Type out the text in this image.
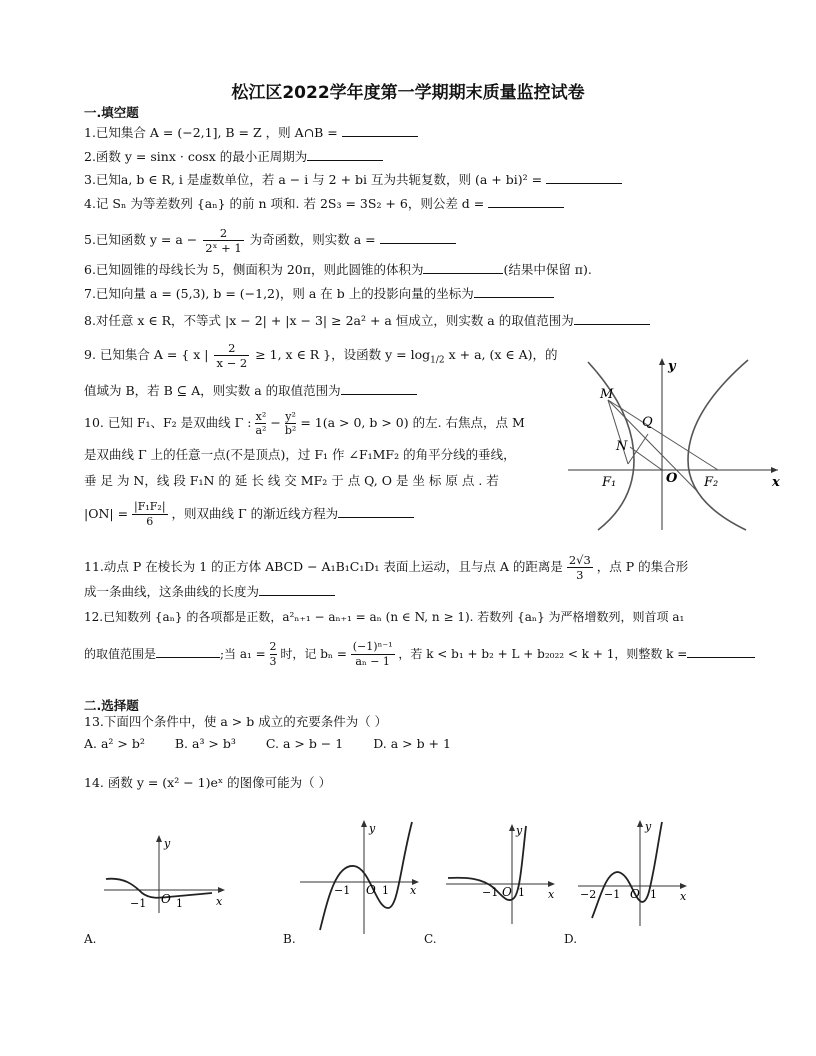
松江区2022学年度第一学期期末质量监控试卷
一.填空题
1.已知集合 A = (−2,1], B = Z ，则 A∩B =
2.函数 y = sinx · cosx 的最小正周期为
3.已知a, b ∈ R, i 是虚数单位，若 a − i 与 2 + bi 互为共轭复数，则 (a + bi)² =
4.记 Sₙ 为等差数列 {aₙ} 的前 n 项和. 若 2S₃ = 3S₂ + 6，则公差 d =
5.已知函数 $y = a - \frac{2}{\text{2ˣ + 1}}$ 为奇函数，则实数 a =
6.已知圆锥的母线长为 5，侧面积为 20π，则此圆锥的体积为	(结果中保留 π).
7.已知向量 a = (5,3), b = (−1,2)，则 a 在 b 上的投影向量的坐标为
8.对任意 x ∈ R，不等式 |x − 2| + |x − 3| ≥ 2a² + a 恒成立，则实数 a 的取值范围为
9. 已知集合 A = { x | $\frac{2}{x - 2} \ge 1$, x ∈ R }，设函数 $y = \log_{1/2} x + a$, (x ∈ A)，的
值域为 B，若 B ⊆ A，则实数 a 的取值范围为
10. 已知 F₁、F₂ 是双曲线 Γ : $\frac{\text{x²}}{\text{a²}} - \frac{\text{y²}}{\text{b²}} = 1(a > 0$, b > 0) 的左. 右焦点，点 M
是双曲线 Γ 上的任意一点(不是顶点)，过 F₁ 作 ∠F₁MF₂ 的角平分线的垂线，
垂 足 为 N，线 段 F₁N 的 延 长 线 交 MF₂ 于 点 Q, O 是 坐 标 原 点 . 若
$|ON| = \frac{\text{|F₁F₂|}}{6}$ ，则双曲线 Γ 的渐近线方程为
M
Q
N
F₁	O F₂	x
y
11.动点 P 在棱长为 1 的正方体 ABCD − A₁B₁C₁D₁ 表面上运动，且与点 A 的距离是 $\frac{2√3}{3}$ ，点 P 的集合形
成一条曲线，这条曲线的长度为
12.已知数列 {aₙ} 的各项都是正数，a²ₙ₊₁ − aₙ₊₁ = aₙ (n ∈ N, n ≥ 1). 若数列 {aₙ} 为严格增数列，则首项 a₁
的取值范围是	;当 $a_1 = \frac{2}{3}$ 时，记 $b_n = \frac{\text{(−1)ⁿ⁻¹}}{\text{aₙ − 1}}$ ，若 k < b₁ + b₂ + L + b₂₀₂₂ < k + 1，则整数 k =
二.选择题
13.下面四个条件中，使 a > b 成立的充要条件为（ ）
A. a² > b² B. a³ > b³ C. a > b − 1 D. a > b + 1
14. 函数 y = (x² − 1)eˣ 的图像可能为（ ）
y
x
−1 O 1
A.
y
x
−1 O 1
B.
y
x
−1 O 1
C.
y
x
−2 −1 O 1
D.
